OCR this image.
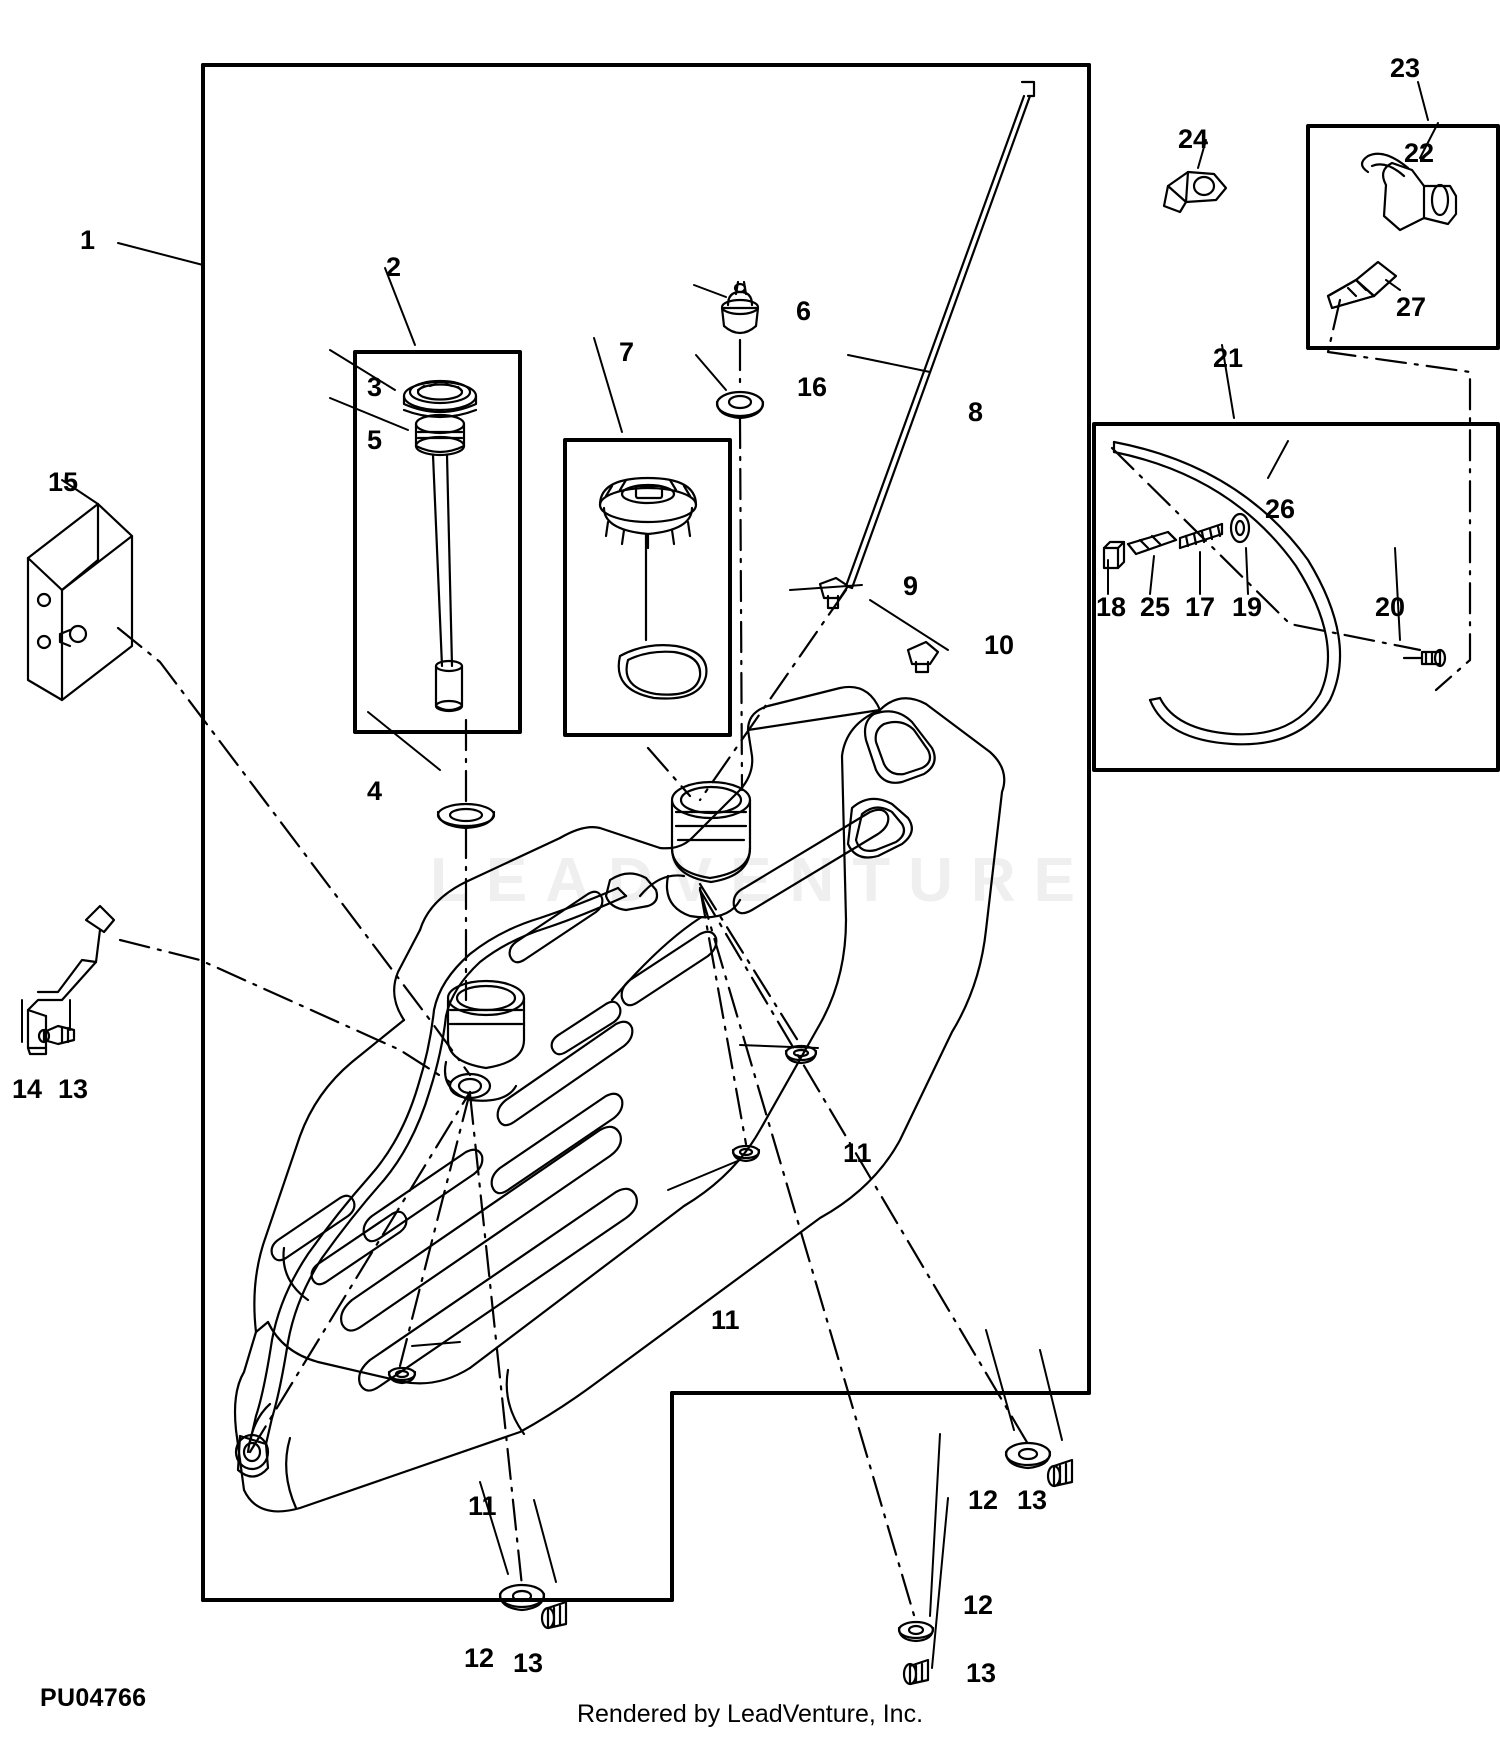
LEADVENTURE
1
2
3
4
5
6
7
8
9
10
11
11
11	12 13
12 13
12
13
14 13
15
16
17
18	19	20
21
22
23
24
25
26
27
PU04766
Rendered by LeadVenture, Inc.
